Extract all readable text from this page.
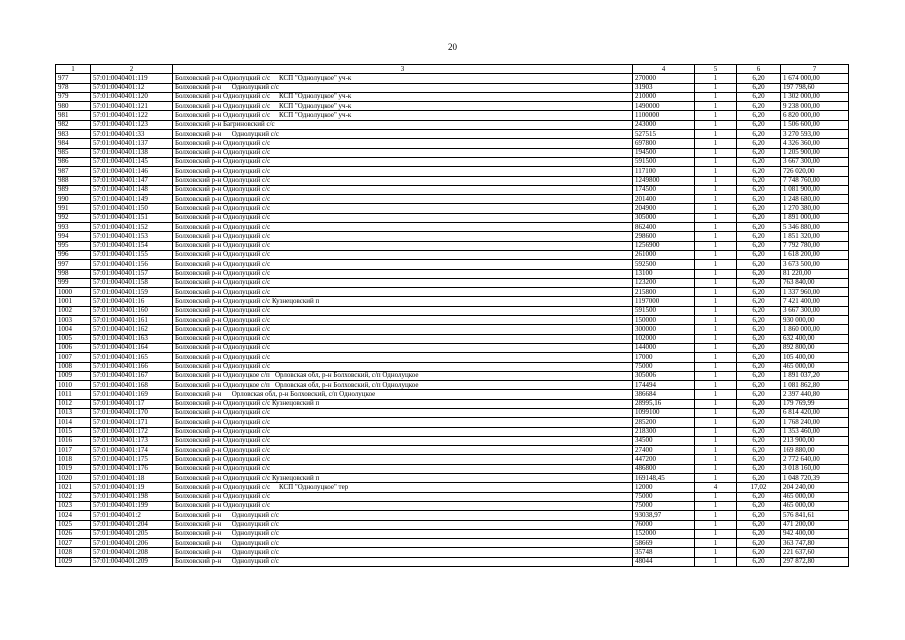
20
1	2	3	4	5	6	7
977	57:01:0040401:119	Болховский р-н Однолуцкий с/с     КСП "Однолуцкое" уч-к	270000	1	6,20	1 674 000,00
978	57:01:0040401:12	Болховский р-н      Однолуцкий с/с	31903	1	6,20	197 798,60
979	57:01:0040401:120	Болховский р-н Однолуцкий с/с     КСП "Однолуцкое" уч-к	210000	1	6,20	1 302 000,00
980	57:01:0040401:121	Болховский р-н Однолуцкий с/с     КСП "Однолуцкое" уч-к	1490000	1	6,20	9 238 000,00
981	57:01:0040401:122	Болховский р-н Однолуцкий с/с     КСП "Однолуцкое" уч-к	1100000	1	6,20	6 820 000,00
982	57:01:0040401:123	Болховский р-н Багриновский с/с	243000	1	6,20	1 506 600,00
983	57:01:0040401:33	Болховский р-н      Однолуцкий с/с	527515	1	6,20	3 270 593,00
984	57:01:0040401:137	Болховский р-н Однолуцкий с/с	697800	1	6,20	4 326 360,00
985	57:01:0040401:138	Болховский р-н Однолуцкий с/с	194500	1	6,20	1 205 900,00
986	57:01:0040401:145	Болховский р-н Однолуцкий с/с	591500	1	6,20	3 667 300,00
987	57:01:0040401:146	Болховский р-н Однолуцкий с/с	117100	1	6,20	726 020,00
988	57:01:0040401:147	Болховский р-н Однолуцкий с/с	1249800	1	6,20	7 748 760,00
989	57:01:0040401:148	Болховский р-н Однолуцкий с/с	174500	1	6,20	1 081 900,00
990	57:01:0040401:149	Болховский р-н Однолуцкий с/с	201400	1	6,20	1 248 680,00
991	57:01:0040401:150	Болховский р-н Однолуцкий с/с	204900	1	6,20	1 270 380,00
992	57:01:0040401:151	Болховский р-н Однолуцкий с/с	305000	1	6,20	1 891 000,00
993	57:01:0040401:152	Болховский р-н Однолуцкий с/с	862400	1	6,20	5 346 880,00
994	57:01:0040401:153	Болховский р-н Однолуцкий с/с	298600	1	6,20	1 851 320,00
995	57:01:0040401:154	Болховский р-н Однолуцкий с/с	1256900	1	6,20	7 792 780,00
996	57:01:0040401:155	Болховский р-н Однолуцкий с/с	261000	1	6,20	1 618 200,00
997	57:01:0040401:156	Болховский р-н Однолуцкий с/с	592500	1	6,20	3 673 500,00
998	57:01:0040401:157	Болховский р-н Однолуцкий с/с	13100	1	6,20	81 220,00
999	57:01:0040401:158	Болховский р-н Однолуцкий с/с	123200	1	6,20	763 840,00
1000	57:01:0040401:159	Болховский р-н Однолуцкий с/с	215800	1	6,20	1 337 960,00
1001	57:01:0040401:16	Болховский р-н Однолуцкий с/с Кузнецовский п	1197000	1	6,20	7 421 400,00
1002	57:01:0040401:160	Болховский р-н Однолуцкий с/с	591500	1	6,20	3 667 300,00
1003	57:01:0040401:161	Болховский р-н Однолуцкий с/с	150000	1	6,20	930 000,00
1004	57:01:0040401:162	Болховский р-н Однолуцкий с/с	300000	1	6,20	1 860 000,00
1005	57:01:0040401:163	Болховский р-н Однолуцкий с/с	102000	1	6,20	632 400,00
1006	57:01:0040401:164	Болховский р-н Однолуцкий с/с	144000	1	6,20	892 800,00
1007	57:01:0040401:165	Болховский р-н Однолуцкий с/с	17000	1	6,20	105 400,00
1008	57:01:0040401:166	Болховский р-н Однолуцкий с/с	75000	1	6,20	465 000,00
1009	57:01:0040401:167	Болховский р-н Однолуцкое с/п   Орловская обл, р-н Болховский, с/п Однолуцкое	305006	1	6,20	1 891 037,20
1010	57:01:0040401:168	Болховский р-н Однолуцкое с/п   Орловская обл, р-н Болховский, с/п Однолуцкое	174494	1	6,20	1 081 862,80
1011	57:01:0040401:169	Болховский р-н      Орловская обл, р-н Болховский, с/п Однолуцкое	386684	1	6,20	2 397 440,80
1012	57:01:0040401:17	Болховский р-н Однолуцкий с/с Кузнецовский п	28995,16	1	6,20	179 769,99
1013	57:01:0040401:170	Болховский р-н Однолуцкий с/с	1099100	1	6,20	6 814 420,00
1014	57:01:0040401:171	Болховский р-н Однолуцкий с/с	285200	1	6,20	1 768 240,00
1015	57:01:0040401:172	Болховский р-н Однолуцкий с/с	218300	1	6,20	1 353 460,00
1016	57:01:0040401:173	Болховский р-н Однолуцкий с/с	34500	1	6,20	213 900,00
1017	57:01:0040401:174	Болховский р-н Однолуцкий с/с	27400	1	6,20	169 880,00
1018	57:01:0040401:175	Болховский р-н Однолуцкий с/с	447200	1	6,20	2 772 640,00
1019	57:01:0040401:176	Болховский р-н Однолуцкий с/с	486800	1	6,20	3 018 160,00
1020	57:01:0040401:18	Болховский р-н Однолуцкий с/с Кузнецовский п	169148,45	1	6,20	1 048 720,39
1021	57:01:0040401:19	Болховский р-н Однолуцкий с/с     КСП "Однолуцкое" тер	12000	4	17,02	204 240,00
1022	57:01:0040401:198	Болховский р-н Однолуцкий с/с	75000	1	6,20	465 000,00
1023	57:01:0040401:199	Болховский р-н Однолуцкий с/с	75000	1	6,20	465 000,00
1024	57:01:0040401:2	Болховский р-н      Однолуцкий с/с	93038,97	1	6,20	576 841,61
1025	57:01:0040401:204	Болховский р-н      Однолуцкий с/с	76000	1	6,20	471 200,00
1026	57:01:0040401:205	Болховский р-н      Однолуцкий с/с	152000	1	6,20	942 400,00
1027	57:01:0040401:206	Болховский р-н      Однолуцкий с/с	58669	1	6,20	363 747,80
1028	57:01:0040401:208	Болховский р-н      Однолуцкий с/с	35748	1	6,20	221 637,60
1029	57:01:0040401:209	Болховский р-н      Однолуцкий с/с	48044	1	6,20	297 872,80
